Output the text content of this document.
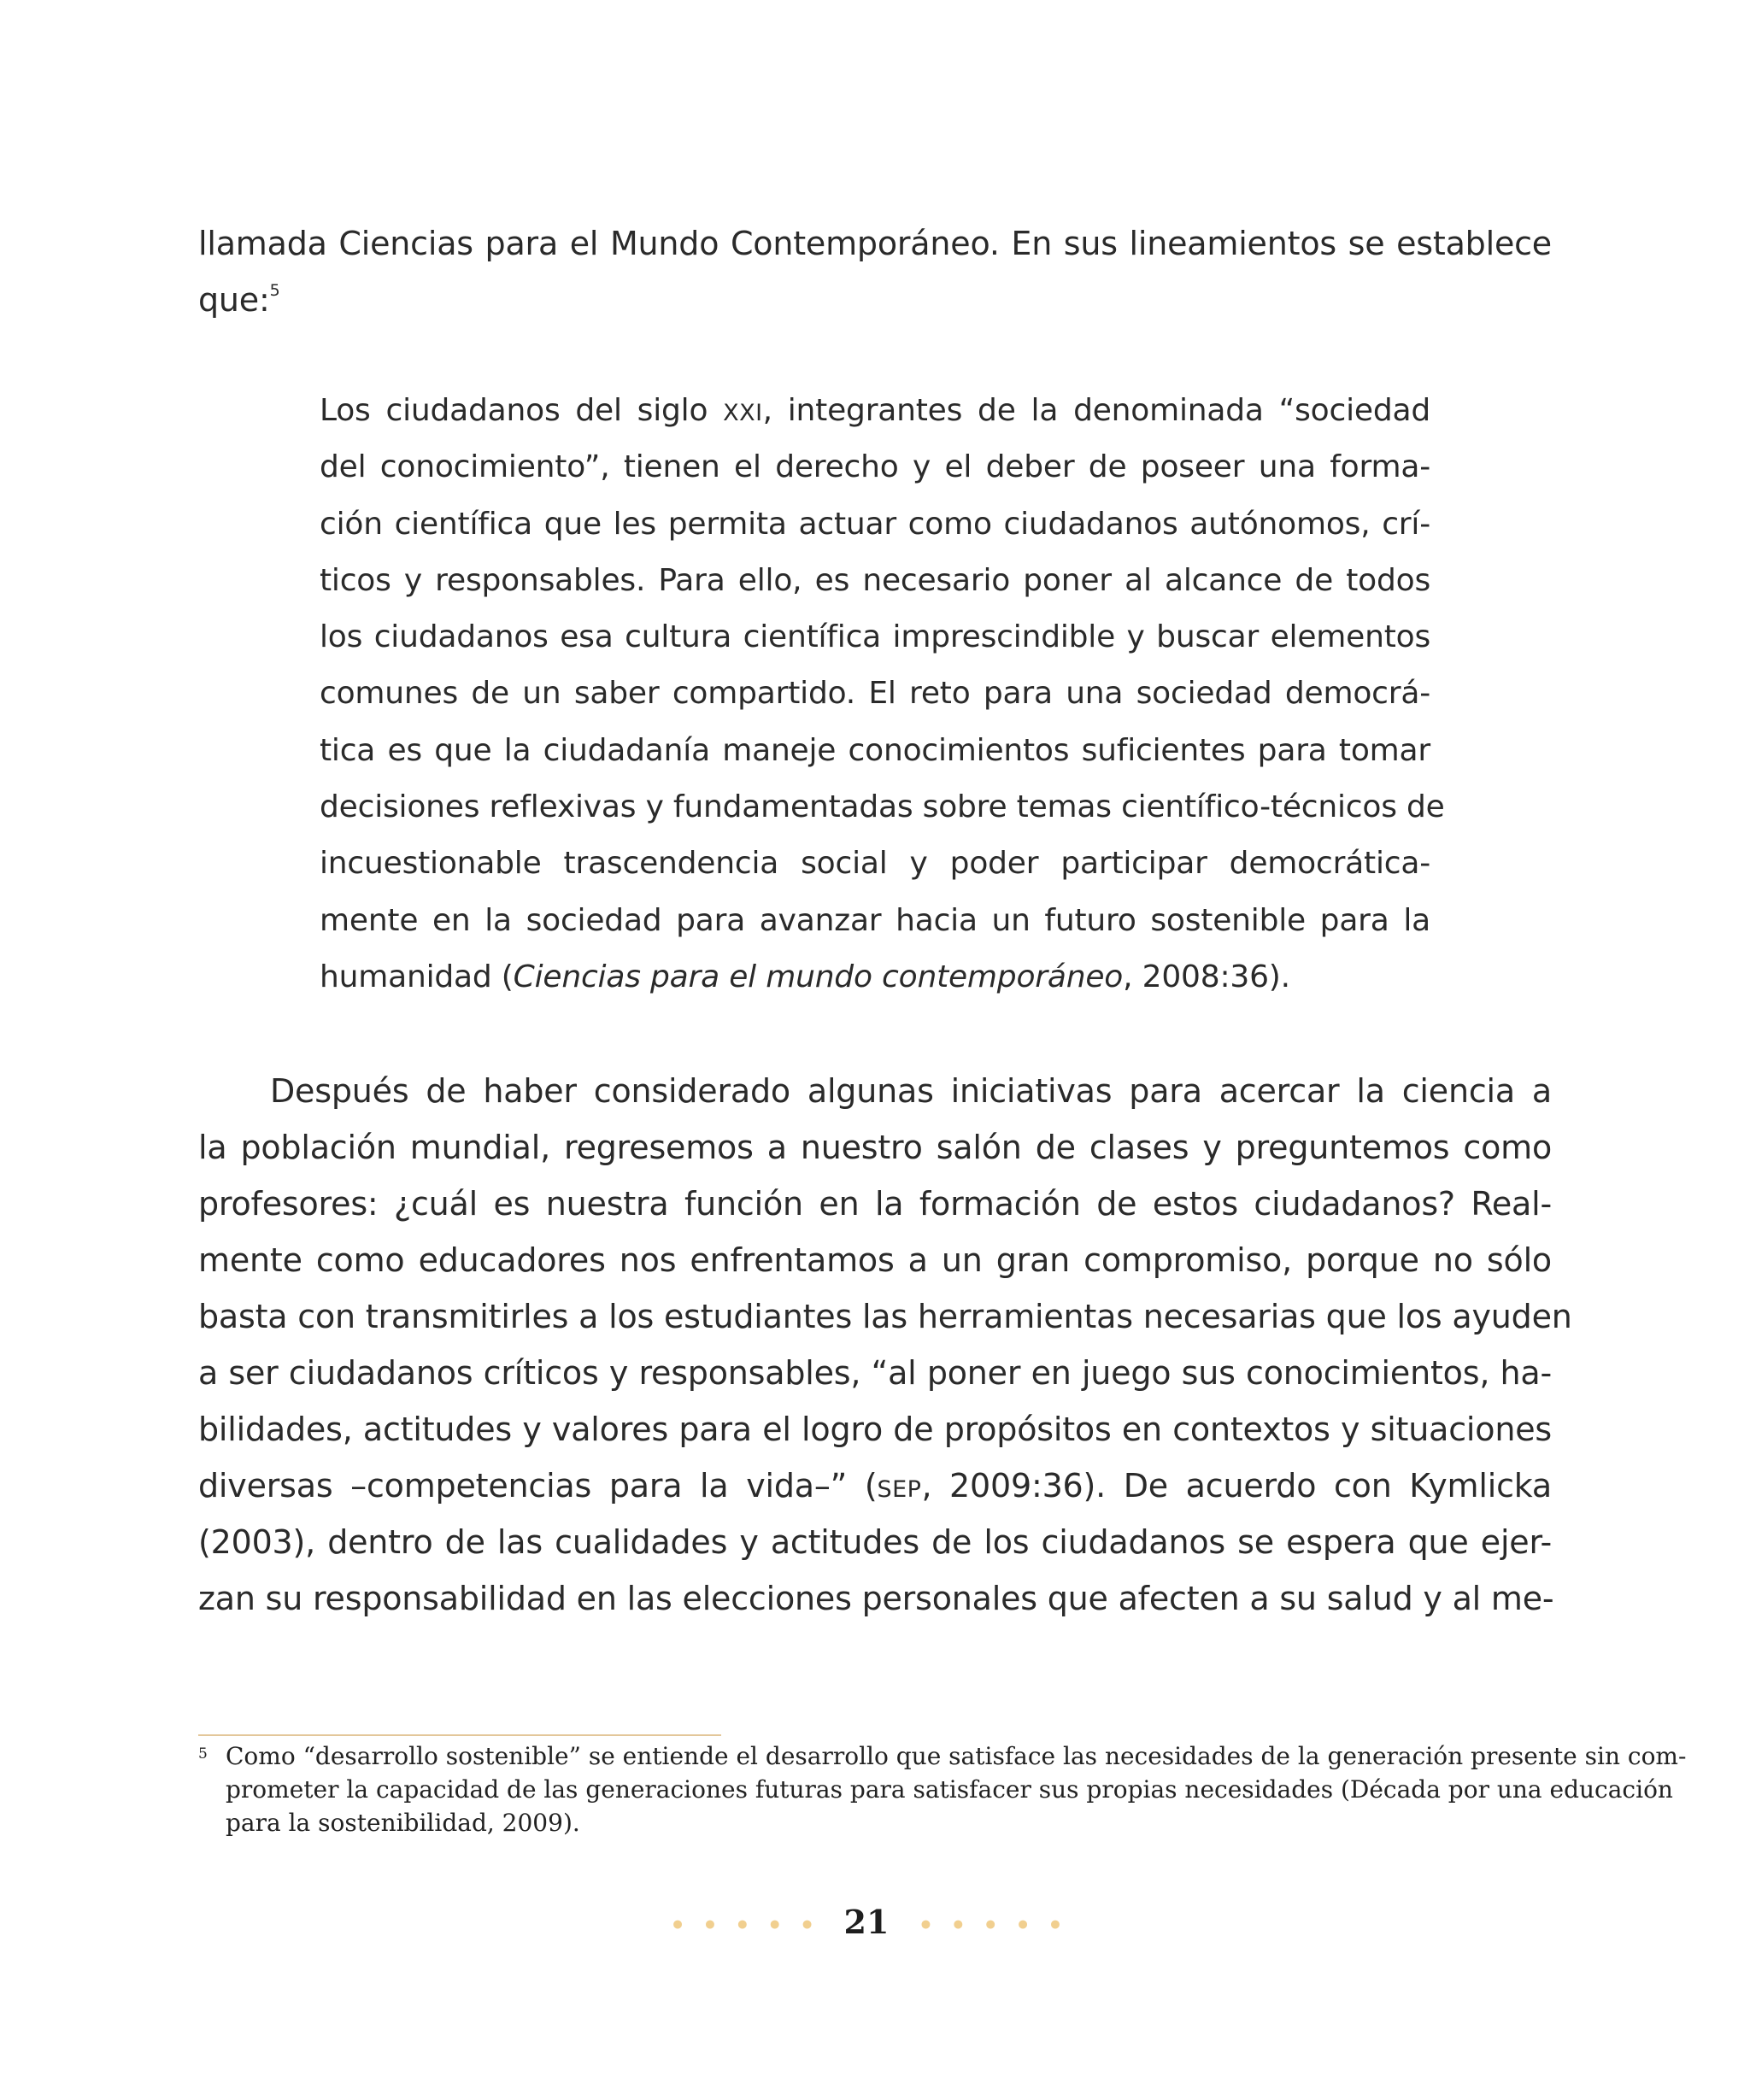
llamada Ciencias para el Mundo Contemporáneo. En sus lineamientos se establece
que:$^5$
Los ciudadanos del siglo XXI, integrantes de la denominada “sociedad
del conocimiento”, tienen el derecho y el deber de poseer una forma-
ción científica que les permita actuar como ciudadanos autónomos, crí-
ticos y responsables. Para ello, es necesario poner al alcance de todos
los ciudadanos esa cultura científica imprescindible y buscar elementos
comunes de un saber compartido. El reto para una sociedad democrá-
tica es que la ciudadanía maneje conocimientos suficientes para tomar
decisiones reflexivas y fundamentadas sobre temas científico-técnicos de
incuestionable trascendencia social y poder participar democrática-
mente en la sociedad para avanzar hacia un futuro sostenible para la
humanidad (Ciencias para el mundo contemporáneo, 2008:36).
Después de haber considerado algunas iniciativas para acercar la ciencia a
la población mundial, regresemos a nuestro salón de clases y preguntemos como
profesores: ¿cuál es nuestra función en la formación de estos ciudadanos? Real-
mente como educadores nos enfrentamos a un gran compromiso, porque no sólo
basta con transmitirles a los estudiantes las herramientas necesarias que los ayuden
a ser ciudadanos críticos y responsables, “al poner en juego sus conocimientos, ha-
bilidades, actitudes y valores para el logro de propósitos en contextos y situaciones
diversas –competencias para la vida–” (SEP, 2009:36). De acuerdo con Kymlicka
(2003), dentro de las cualidades y actitudes de los ciudadanos se espera que ejer-
zan su responsabilidad en las elecciones personales que afecten a su salud y al me-
5 Como “desarrollo sostenible” se entiende el desarrollo que satisface las necesidades de la generación presente sin com-
prometer la capacidad de las generaciones futuras para satisfacer sus propias necesidades (Década por una educación
para la sostenibilidad, 2009).
••••• 21 •••••
